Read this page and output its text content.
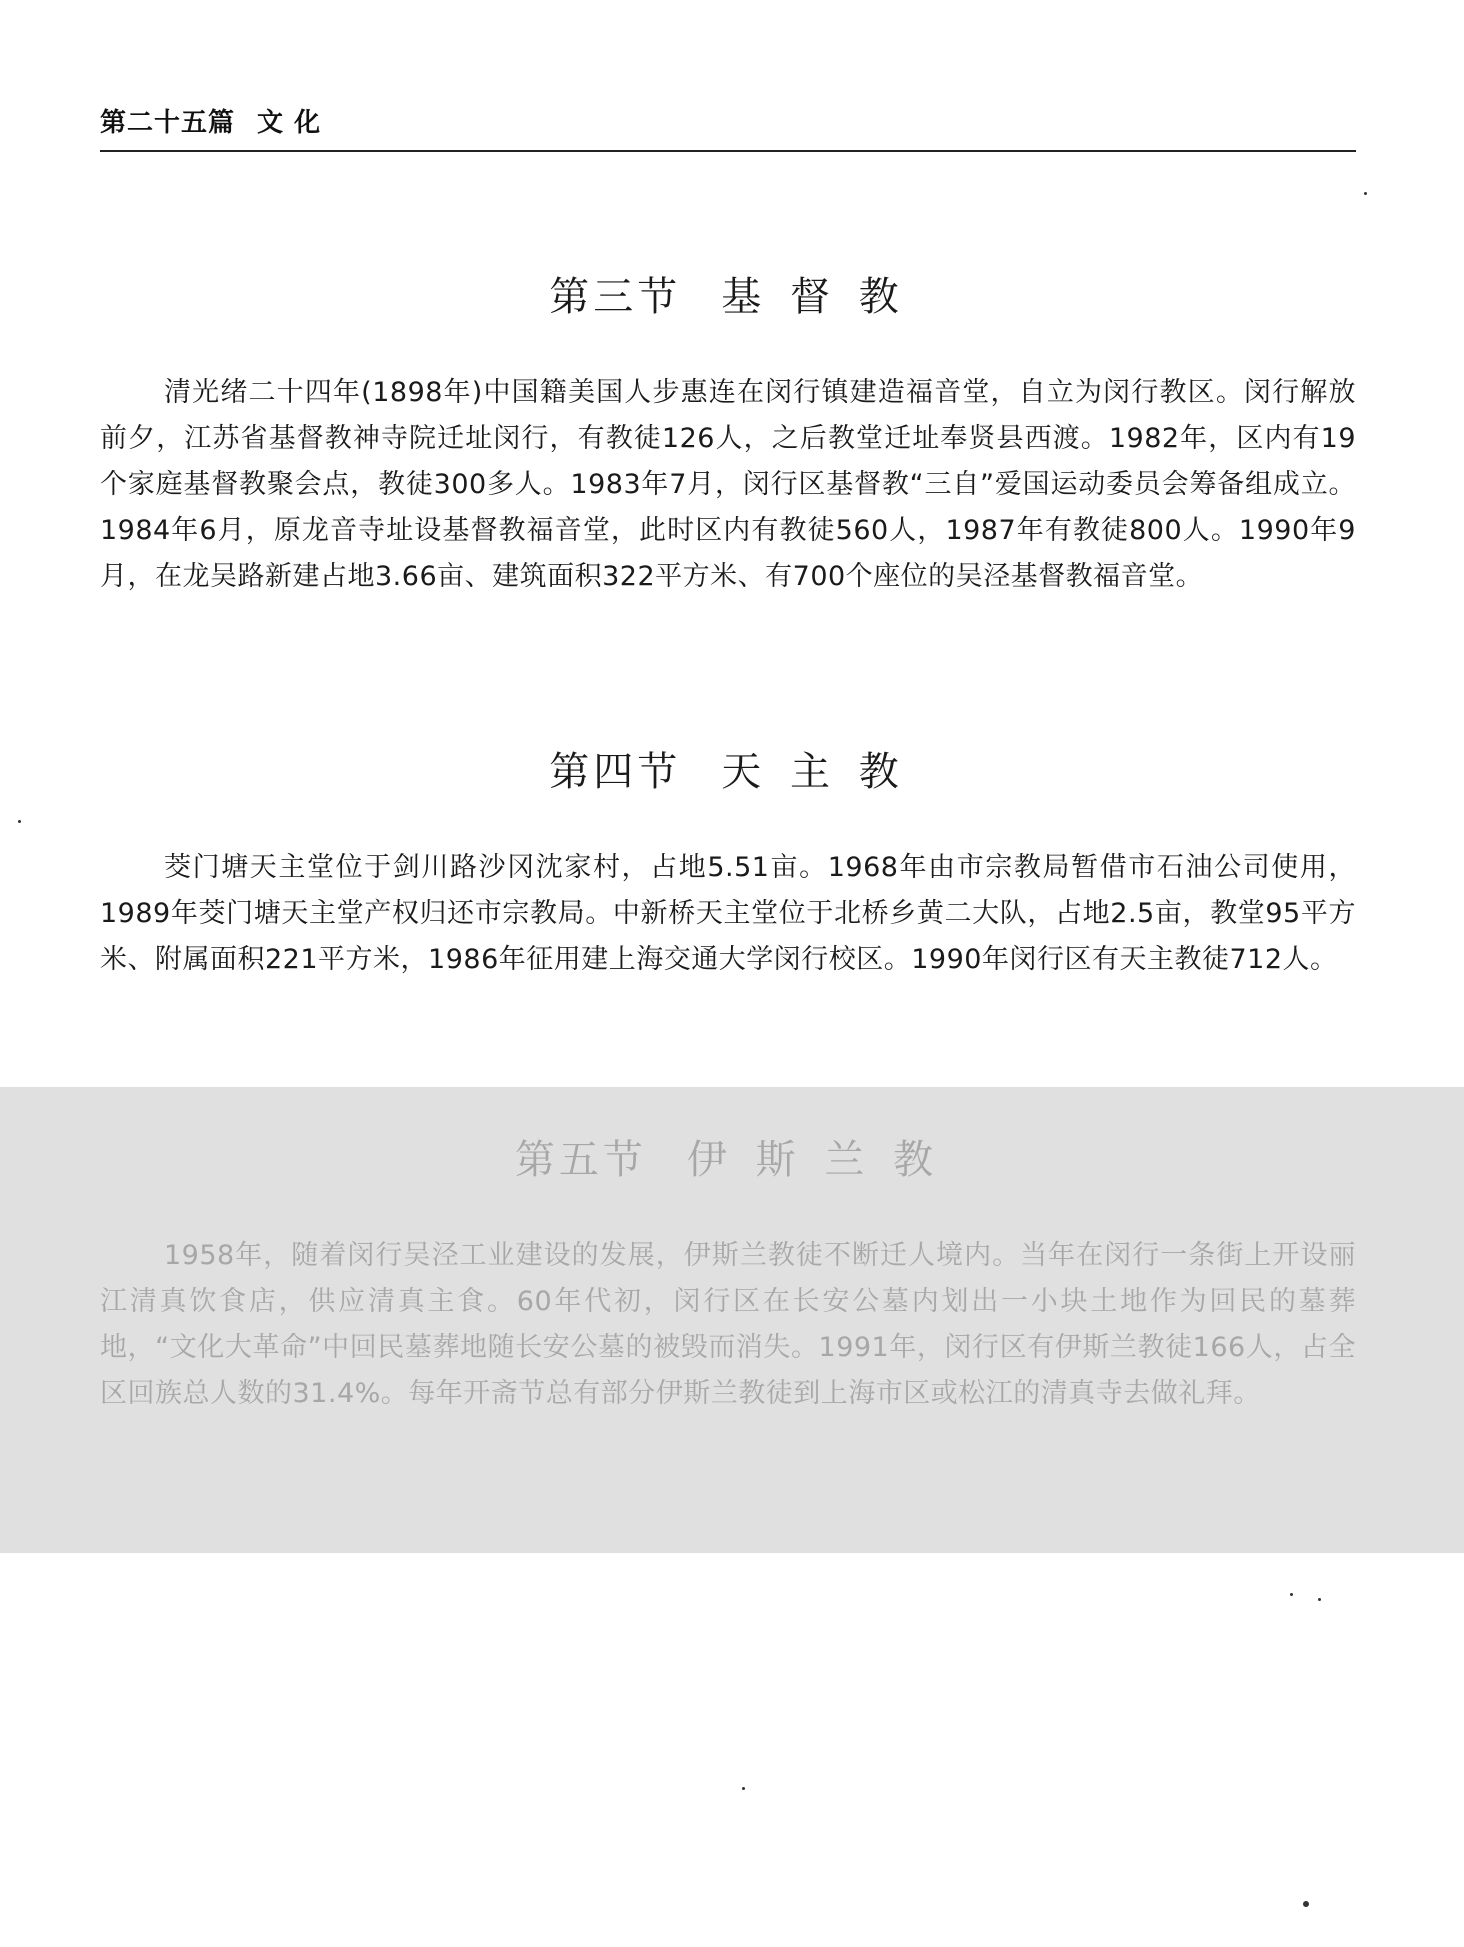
第二十五篇 文 化
第三节 基 督 教

清光绪二十四年(1898年)中国籍美国人步惠连在闵行镇建造福音堂，自立为闵行教区。闵行解放前夕，江苏省基督教神寺院迁址闵行，有教徒126人，之后教堂迁址奉贤县西渡。1982年，区内有19个家庭基督教聚会点，教徒300多人。1983年7月，闵行区基督教“三自”爱国运动委员会筹备组成立。1984年6月，原龙音寺址设基督教福音堂，此时区内有教徒560人，1987年有教徒800人。1990年9月，在龙吴路新建占地3.66亩、建筑面积322平方米、有700个座位的吴泾基督教福音堂。

第四节 天 主 教

茭门塘天主堂位于剑川路沙冈沈家村，占地5.51亩。1968年由市宗教局暂借市石油公司使用，1989年茭门塘天主堂产权归还市宗教局。中新桥天主堂位于北桥乡黄二大队，占地2.5亩，教堂95平方米、附属面积221平方米，1986年征用建上海交通大学闵行校区。1990年闵行区有天主教徒712人。

第五节 伊 斯 兰 教

1958年，随着闵行吴泾工业建设的发展，伊斯兰教徒不断迁人境内。当年在闵行一条街上开设丽江清真饮食店，供应清真主食。60年代初，闵行区在长安公墓内划出一小块土地作为回民的墓葬地，“文化大革命”中回民墓葬地随长安公墓的被毁而消失。1991年，闵行区有伊斯兰教徒166人，占全区回族总人数的31.4%。每年开斋节总有部分伊斯兰教徒到上海市区或松江的清真寺去做礼拜。
